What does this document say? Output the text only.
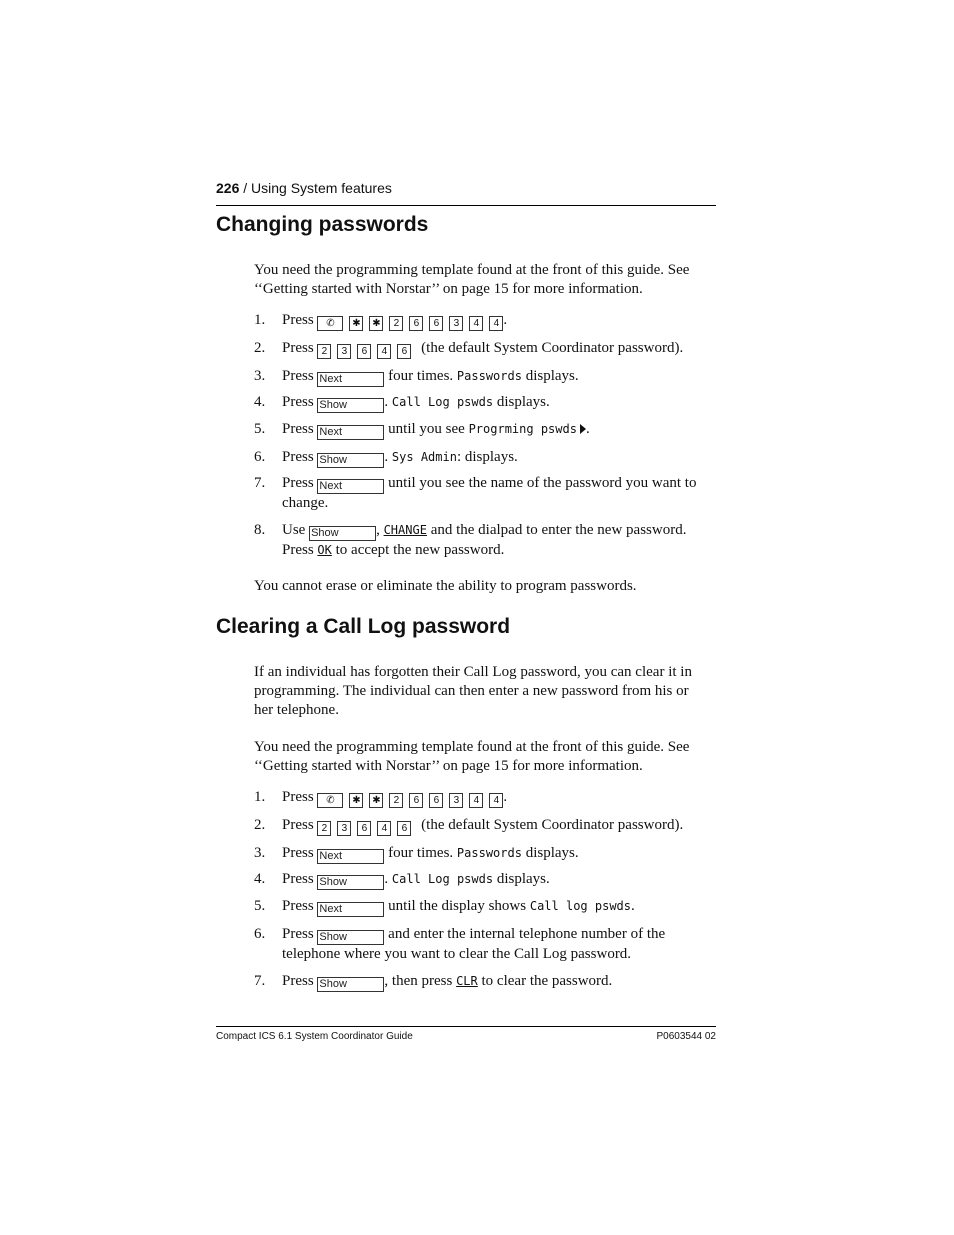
226 / Using System features
Changing passwords
You need the programming template found at the front of this guide. See
‘‘Getting started with Norstar’’ on page 15 for more information.
1.	Press ✆ ✱ ✱ 2 6 6 3 4 4 .
2.	Press 2 3 6 4 6 (the default System Coordinator password).
3.	Press Next	four times. Passwords displays.
4.	Press Show . Call Log pswds displays.
5.	Press Next	until you see Progrming pswds .
6.	Press Show . Sys Admin: displays.
7.	Press Next	until you see the name of the password you want to
change.
8.	Use Show , CHANGE and the dialpad to enter the new password.
Press OK to accept the new password.
You cannot erase or eliminate the ability to program passwords.
Clearing a Call Log password
If an individual has forgotten their Call Log password, you can clear it in
programming. The individual can then enter a new password from his or
her telephone.
You need the programming template found at the front of this guide. See
‘‘Getting started with Norstar’’ on page 15 for more information.
1.	Press ✆ ✱ ✱ 2 6 6 3 4 4 .
2.	Press 2 3 6 4 6 (the default System Coordinator password).
3.	Press Next	four times. Passwords displays.
4.	Press Show . Call Log pswds displays.
5.	Press Next	until the display shows Call log pswds.
6.	Press Show	and enter the internal telephone number of the
telephone where you want to clear the Call Log password.
7.	Press Show , then press CLR to clear the password.
Compact ICS 6.1 System Coordinator Guide	P0603544 02
